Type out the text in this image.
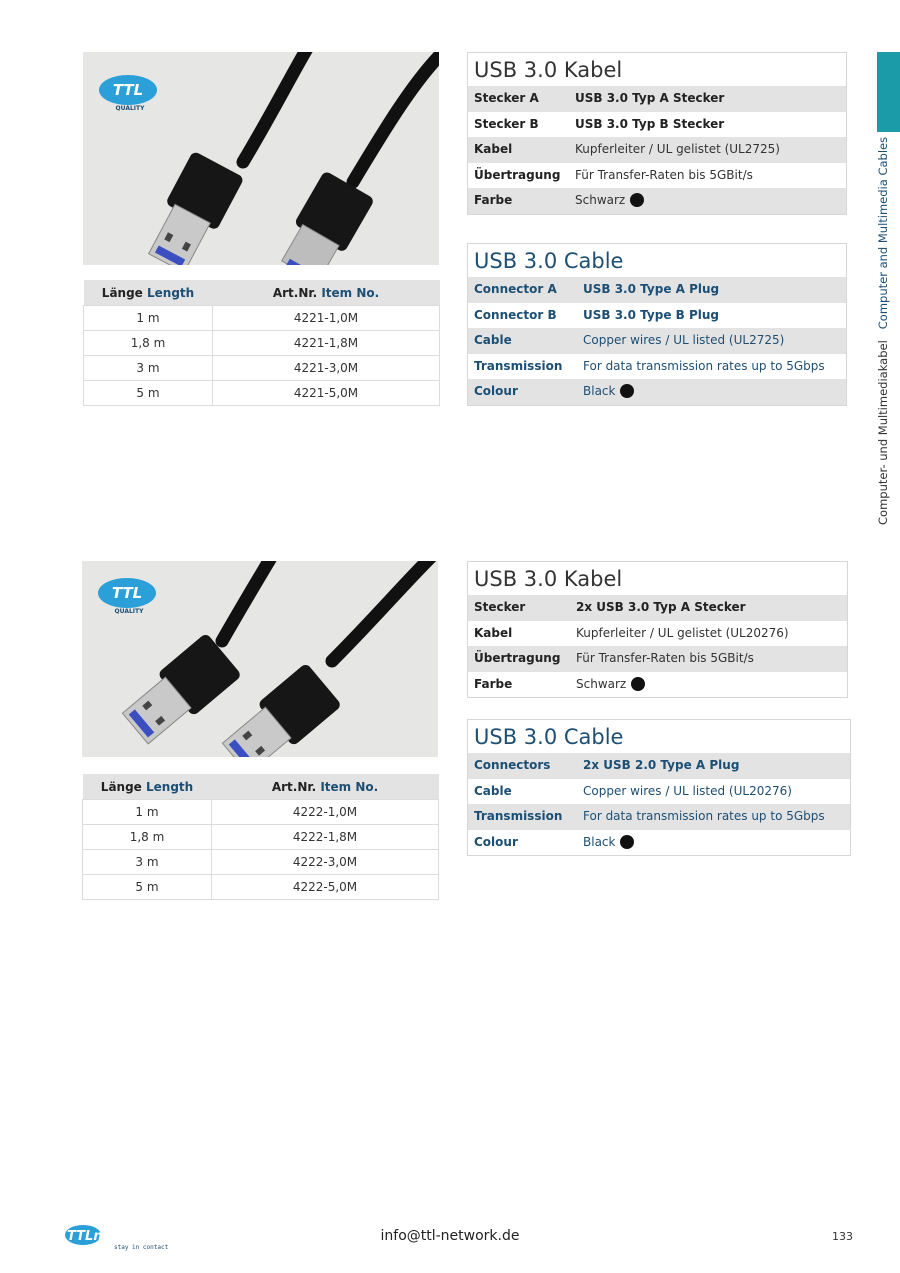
Computer- und Multimediakabel   Computer and Multimedia Cables
TTL
QUALITY
Länge Length	Art.Nr. Item No.
1 m	4221-1,0M
1,8 m	4221-1,8M
3 m	4221-3,0M
5 m	4221-5,0M
USB 3.0 Kabel
Stecker A	USB 3.0 Typ A Stecker
Stecker B	USB 3.0 Typ B Stecker
Kabel	Kupferleiter / UL gelistet (UL2725)
Übertragung	Für Transfer-Raten bis 5GBit/s
Farbe	Schwarz
USB 3.0 Cable
Connector A	USB 3.0 Type A Plug
Connector B	USB 3.0 Type B Plug
Cable	Copper wires / UL listed (UL2725)
Transmission	For data transmission rates up to 5Gbps
Colour	Black
TTL
QUALITY
Länge Length	Art.Nr. Item No.
1 m	4222-1,0M
1,8 m	4222-1,8M
3 m	4222-3,0M
5 m	4222-5,0M
USB 3.0 Kabel
Stecker	2x USB 3.0 Typ A Stecker
Kabel	Kupferleiter / UL gelistet (UL20276)
Übertragung	Für Transfer-Raten bis 5GBit/s
Farbe	Schwarz
USB 3.0 Cable
Connectors	2x USB 2.0 Type A Plug
Cable	Copper wires / UL listed (UL20276)
Transmission	For data transmission rates up to 5Gbps
Colour	Black
TTLnetwork
stay in contact
info@ttl-network.de	133
